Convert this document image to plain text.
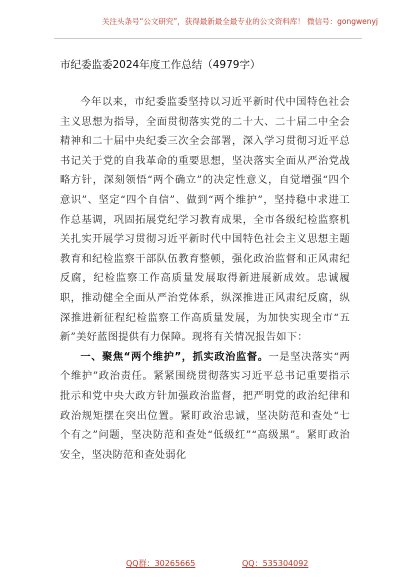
关注头条号“公文研究”，获得最新最全最专业的公文资料库！ 微信号：gongwenyj
市纪委监委2024年度工作总结（4979字）

今年以来，市纪委监委坚持以习近平新时代中国特色社会主义思想为指导，全面贯彻落实党的二十大、二十届二中全会精神和二十届中央纪委三次全会部署，深入学习贯彻习近平总书记关于党的自我革命的重要思想，坚决落实全面从严治党战略方针，深刻领悟“两个确立”的决定性意义，自觉增强“四个意识”、坚定“四个自信”、做到“两个维护”，坚持稳中求进工作总基调，巩固拓展党纪学习教育成果，全市各级纪检监察机关扎实开展学习贯彻习近平新时代中国特色社会主义思想主题教育和纪检监察干部队伍教育整顿，强化政治监督和正风肃纪反腐，纪检监察工作高质量发展取得新进展新成效。忠诚履职，推动健全全面从严治党体系，纵深推进正风肃纪反腐，纵深推进新征程纪检监察工作高质量发展，为加快实现全市“五新”美好蓝图提供有力保障。现将有关情况报告如下：

一、聚焦“两个维护”，抓实政治监督。一是坚决落实“两个维护”政治责任。紧紧围绕贯彻落实习近平总书记重要指示批示和党中央大政方针加强政治监督，把严明党的政治纪律和政治规矩摆在突出位置。紧盯政治忠诚，坚决防范和查处“七个有之”问题，坚决防范和查处“低级红”“高级黑”。紧盯政治安全，坚决防范和查处弱化

QQ群：30265665	QQ：535304092
